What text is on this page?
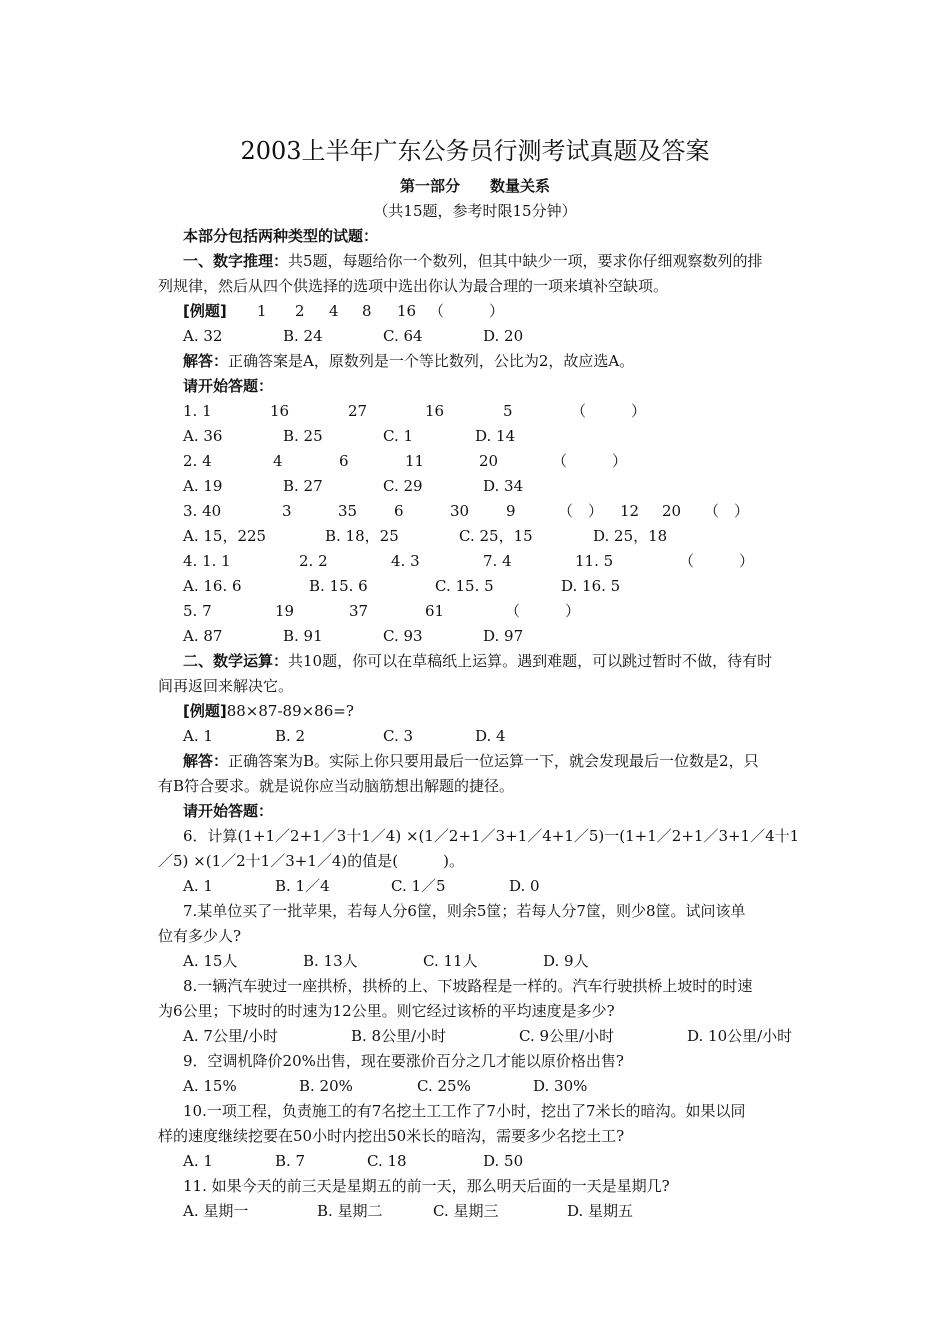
2003上半年广东公务员行测考试真题及答案
第一部分　　数量关系
（共15题，参考时限15分钟）
本部分包括两种类型的试题：
一、数字推理：共5题，每题给你一个数列，但其中缺少一项，要求你仔细观察数列的排
列规律，然后从四个供选择的选项中选出你认为最合理的一项来填补空缺项。
[例题]	1	2	4	8	16 （　　　）
A. 32	B. 24	C. 64	D. 20
解答：正确答案是A，原数列是一个等比数列，公比为2，故应选A。
请开始答题：
1. 1	16	27	16	5	（　　　）
A. 36	B. 25	C. 1	D. 14
2. 4	4	6	11	20	（　　　）
A. 19	B. 27	C. 29	D. 34
3. 40	3	35	6	30	9	（　）	12	20	（　）
A. 15，225	B. 18，25	C. 25，15	D. 25，18
4. 1. 1	2. 2	4. 3	7. 4	11. 5	（　　　）
A. 16. 6	B. 15. 6	C. 15. 5	D. 16. 5
5. 7	19	37	61	（　　　）
A. 87	B. 91	C. 93	D. 97
二、数学运算：共10题，你可以在草稿纸上运算。遇到难题，可以跳过暂时不做，待有时
间再返回来解决它。
[例题]88×87-89×86=?
A. 1	B. 2	C. 3	D. 4
解答：正确答案为B。实际上你只要用最后一位运算一下，就会发现最后一位数是2，只
有B符合要求。就是说你应当动脑筋想出解题的捷径。
请开始答题：
6．计算(1+1／2+1／3十1／4) ×(1／2+1／3+1／4+1／5)一(1+1／2+1／3+1／4十1
／5) ×(1／2十1／3+1／4)的值是(　　　)。
A. 1	B. 1／4	C. 1／5	D. 0
7.某单位买了一批苹果，若每人分6筐，则余5筐；若每人分7筐，则少8筐。试问该单
位有多少人?
A. 15人	B. 13人	C. 11人	D. 9人
8.一辆汽车驶过一座拱桥，拱桥的上、下坡路程是一样的。汽车行驶拱桥上坡时的时速
为6公里；下坡时的时速为12公里。则它经过该桥的平均速度是多少?
A. 7公里/小时	B. 8公里/小时	C. 9公里/小时	D. 10公里/小时
9．空调机降价20%出售，现在要涨价百分之几才能以原价格出售?
A. 15%	B. 20%	C. 25%	D. 30%
10.一项工程，负责施工的有7名挖土工工作了7小时，挖出了7米长的暗沟。如果以同
样的速度继续挖要在50小时内挖出50米长的暗沟，需要多少名挖土工?
A. 1	B. 7	C. 18	D. 50
11. 如果今天的前三天是星期五的前一天，那么明天后面的一天是星期几?
A. 星期一	B. 星期二	C. 星期三	D. 星期五
